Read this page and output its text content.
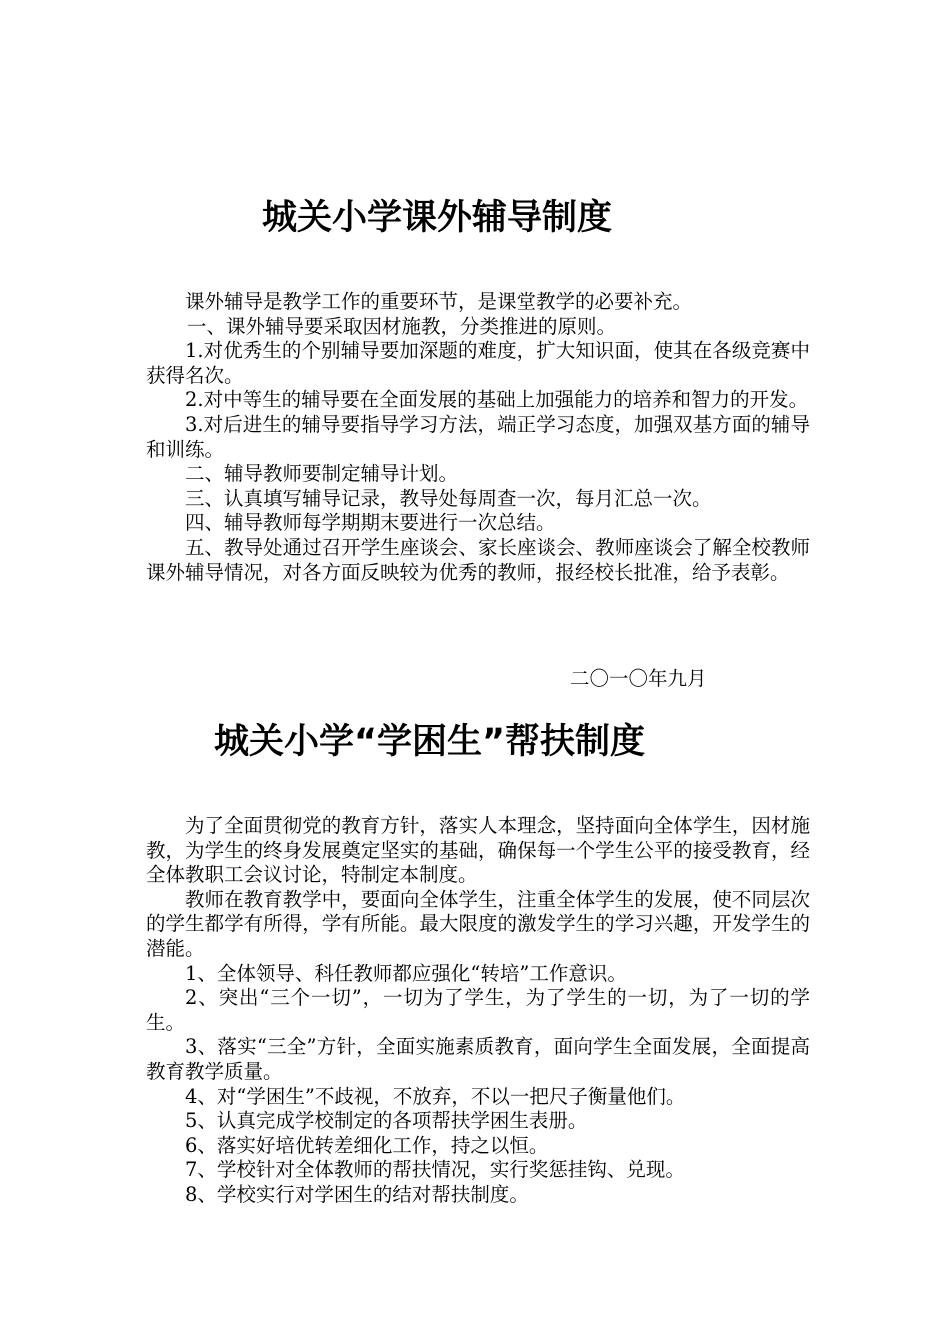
城关小学课外辅导制度

课外辅导是教学工作的重要环节，是课堂教学的必要补充。

一、课外辅导要采取因材施教，分类推进的原则。

1.对优秀生的个别辅导要加深题的难度，扩大知识面，使其在各级竞赛中获得名次。

2.对中等生的辅导要在全面发展的基础上加强能力的培养和智力的开发。

3.对后进生的辅导要指导学习方法，端正学习态度，加强双基方面的辅导和训练。

二、辅导教师要制定辅导计划。

三、认真填写辅导记录，教导处每周查一次，每月汇总一次。

四、辅导教师每学期期末要进行一次总结。

五、教导处通过召开学生座谈会、家长座谈会、教师座谈会了解全校教师课外辅导情况，对各方面反映较为优秀的教师，报经校长批准，给予表彰。

二〇一〇年九月
城关小学“学困生”帮扶制度

为了全面贯彻党的教育方针，落实人本理念，坚持面向全体学生，因材施教，为学生的终身发展奠定坚实的基础，确保每一个学生公平的接受教育，经全体教职工会议讨论，特制定本制度。

教师在教育教学中，要面向全体学生，注重全体学生的发展，使不同层次的学生都学有所得，学有所能。最大限度的激发学生的学习兴趣，开发学生的潜能。

1、全体领导、科任教师都应强化“转培”工作意识。

2、突出“三个一切”，一切为了学生，为了学生的一切，为了一切的学生。

3、落实“三全”方针，全面实施素质教育，面向学生全面发展，全面提高教育教学质量。

4、对“学困生”不歧视，不放弃，不以一把尺子衡量他们。

5、认真完成学校制定的各项帮扶学困生表册。

6、落实好培优转差细化工作，持之以恒。

7、学校针对全体教师的帮扶情况，实行奖惩挂钩、兑现。

8、学校实行对学困生的结对帮扶制度。
